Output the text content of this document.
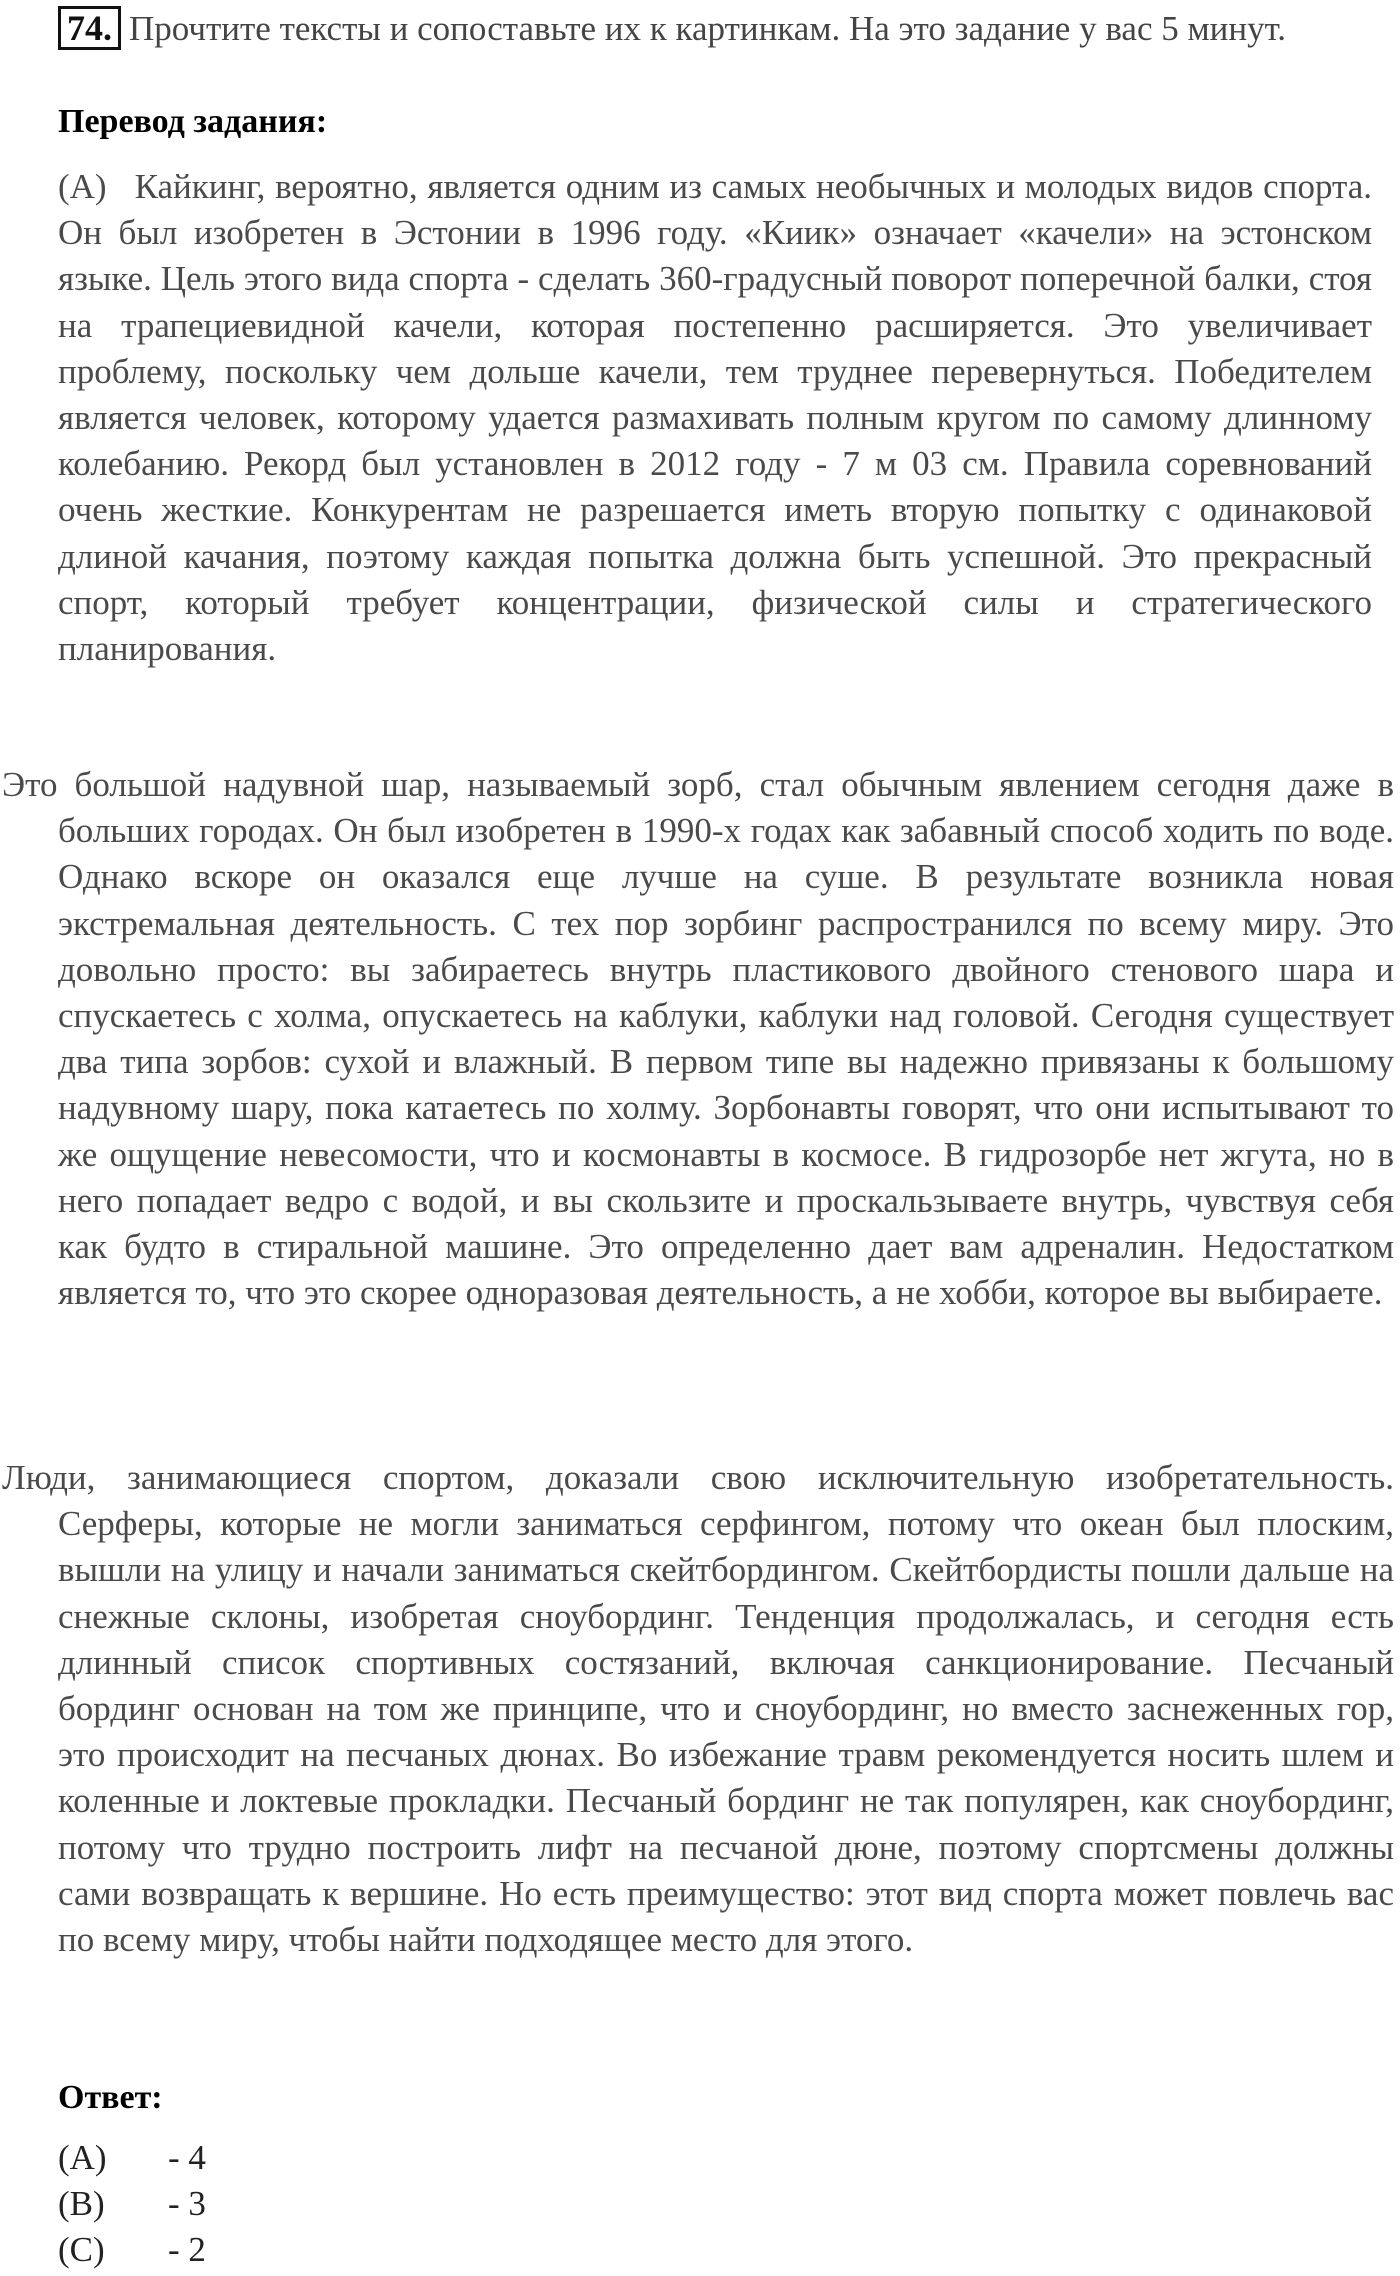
74. Прочтите тексты и сопоставьте их к картинкам. На это задание у вас 5 минут.
Перевод задания:
(A) Кайкинг, вероятно, является одним из самых необычных и молодых видов спорта. Он был изобретен в Эстонии в 1996 году. «Киик» означает «качели» на эстонском языке. Цель этого вида спорта - сделать 360-градусный поворот поперечной балки, стоя на трапециевидной качели, которая постепенно расширяется. Это увеличивает проблему, поскольку чем дольше качели, тем труднее перевернуться. Победителем является человек, которому удается размахивать полным кругом по самому длинному колебанию. Рекорд был установлен в 2012 году - 7 м 03 см. Правила соревнований очень жесткие. Конкурентам не разрешается иметь вторую попытку с одинаковой длиной качания, поэтому каждая попытка должна быть успешной. Это прекрасный спорт, который требует концентрации, физической силы и стратегического планирования.
Это большой надувной шар, называемый зорб, стал обычным явлением сегодня даже в больших городах. Он был изобретен в 1990-х годах как забавный способ ходить по воде. Однако вскоре он оказался еще лучше на суше. В результате возникла новая экстремальная деятельность. С тех пор зорбинг распространился по всему миру. Это довольно просто: вы забираетесь внутрь пластикового двойного стенового шара и спускаетесь с холма, опускаетесь на каблуки, каблуки над головой. Сегодня существует два типа зорбов: сухой и влажный. В первом типе вы надежно привязаны к большому надувному шару, пока катаетесь по холму. Зорбонавты говорят, что они испытывают то же ощущение невесомости, что и космонавты в космосе. В гидрозорбе нет жгута, но в него попадает ведро с водой, и вы скользите и проскальзываете внутрь, чувствуя себя как будто в стиральной машине. Это определенно дает вам адреналин. Недостатком является то, что это скорее одноразовая деятельность, а не хобби, которое вы выбираете.
Люди, занимающиеся спортом, доказали свою исключительную изобретательность. Серферы, которые не могли заниматься серфингом, потому что океан был плоским, вышли на улицу и начали заниматься скейтбордингом. Скейтбордисты пошли дальше на снежные склоны, изобретая сноубординг. Тенденция продолжалась, и сегодня есть длинный список спортивных состязаний, включая санкционирование. Песчаный бординг основан на том же принципе, что и сноубординг, но вместо заснеженных гор, это происходит на песчаных дюнах. Во избежание травм рекомендуется носить шлем и коленные и локтевые прокладки. Песчаный бординг не так популярен, как сноубординг, потому что трудно построить лифт на песчаной дюне, поэтому спортсмены должны сами возвращать к вершине. Но есть преимущество: этот вид спорта может повлечь вас по всему миру, чтобы найти подходящее место для этого.
Ответ:
(A)	- 4
(B)	- 3
(C)	- 2
